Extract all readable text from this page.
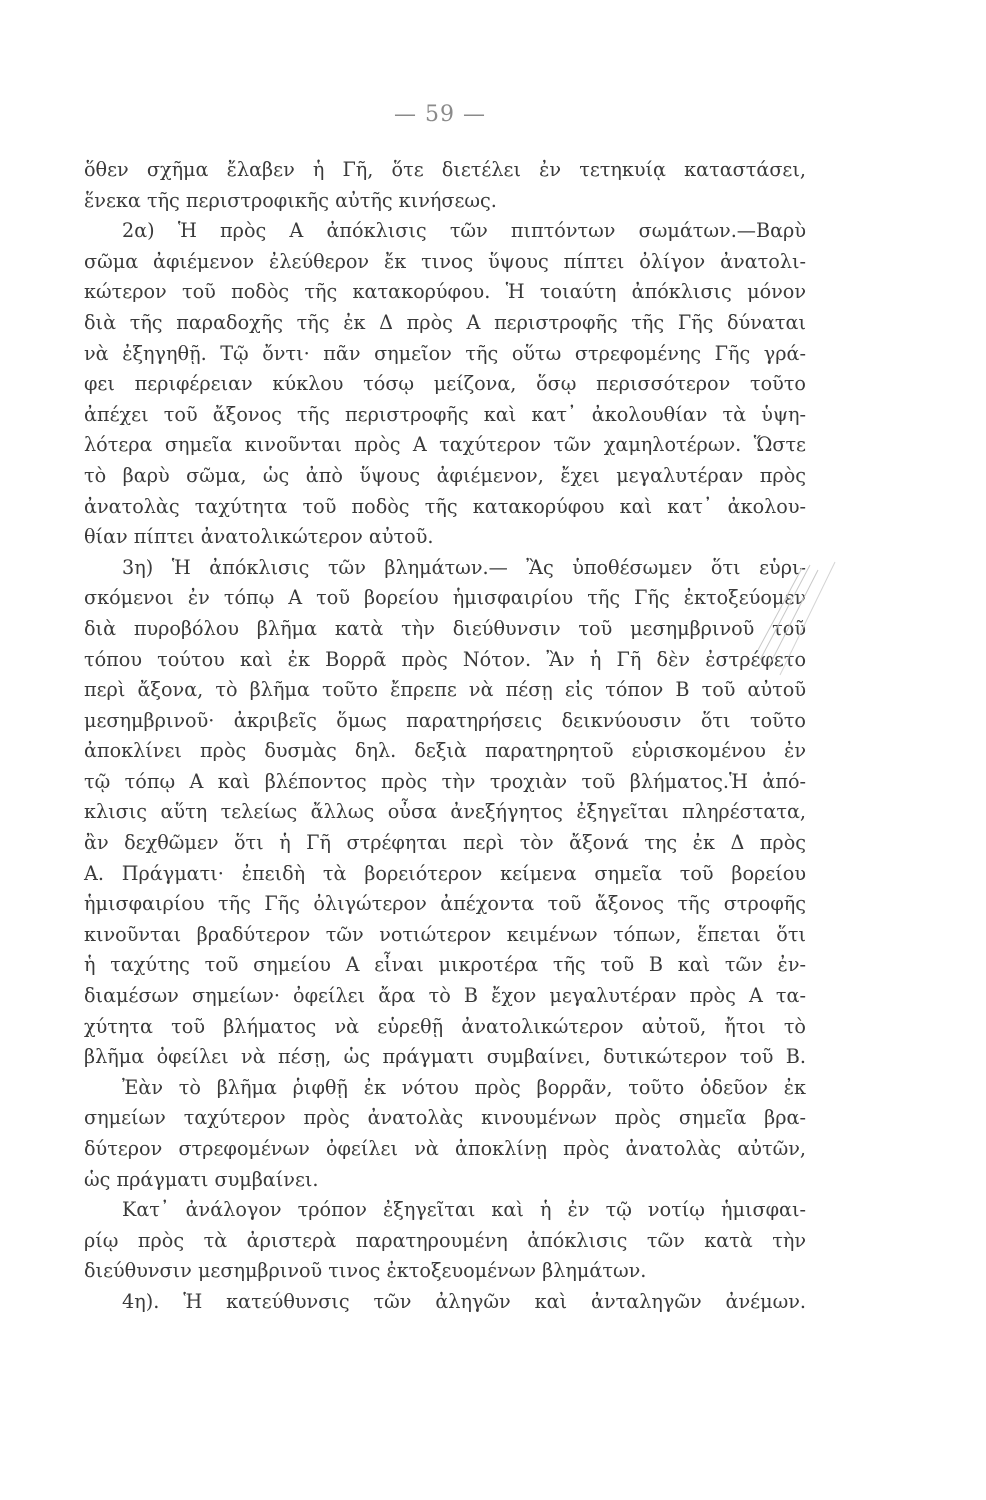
— 59 —
ὅθεν σχῆμα ἔλαβεν ἡ Γῆ, ὅτε διετέλει ἐν τετηκυίᾳ καταστάσει,
ἕνεκα τῆς περιστροφικῆς αὐτῆς κινήσεως.
2α) Ἡ πρὸς Α ἀπόκλισις τῶν πιπτόντων σωμάτων.—Βαρὺ
σῶμα ἀφιέμενον ἐλεύθερον ἔκ τινος ὕψους πίπτει ὀλίγον ἀνατολι-
κώτερον τοῦ ποδὸς τῆς κατακορύφου. Ἡ τοιαύτη ἀπόκλισις μόνον
διὰ τῆς παραδοχῆς τῆς ἐκ Δ πρὸς Α περιστροφῆς τῆς Γῆς δύναται
νὰ ἐξηγηθῇ. Τῷ ὄντι· πᾶν σημεῖον τῆς οὕτω στρεφομένης Γῆς γρά-
φει περιφέρειαν κύκλου τόσῳ μείζονα, ὅσῳ περισσότερον τοῦτο
ἀπέχει τοῦ ἄξονος τῆς περιστροφῆς καὶ κατ᾽ ἀκολουθίαν τὰ ὑψη-
λότερα σημεῖα κινοῦνται πρὸς Α ταχύτερον τῶν χαμηλοτέρων. Ὥστε
τὸ βαρὺ σῶμα, ὡς ἀπὸ ὕψους ἀφιέμενον, ἔχει μεγαλυτέραν πρὸς
ἀνατολὰς ταχύτητα τοῦ ποδὸς τῆς κατακορύφου καὶ κατ᾽ ἀκολου-
θίαν πίπτει ἀνατολικώτερον αὐτοῦ.
3η) Ἡ ἀπόκλισις τῶν βλημάτων.— Ἂς ὑποθέσωμεν ὅτι εὑρι-
σκόμενοι ἐν τόπῳ Α τοῦ βορείου ἡμισφαιρίου τῆς Γῆς ἐκτοξεύομεν
διὰ πυροβόλου βλῆμα κατὰ τὴν διεύθυνσιν τοῦ μεσημβρινοῦ τοῦ
τόπου τούτου καὶ ἐκ Βορρᾶ πρὸς Νότον. Ἂν ἡ Γῆ δὲν ἐστρέφετο
περὶ ἄξονα, τὸ βλῆμα τοῦτο ἔπρεπε νὰ πέσῃ εἰς τόπον Β τοῦ αὐτοῦ
μεσημβρινοῦ· ἀκριβεῖς ὅμως παρατηρήσεις δεικνύουσιν ὅτι τοῦτο
ἀποκλίνει πρὸς δυσμὰς δηλ. δεξιὰ παρατηρητοῦ εὑρισκομένου ἐν
τῷ τόπῳ Α καὶ βλέποντος πρὸς τὴν τροχιὰν τοῦ βλήματος.Ἡ ἀπό-
κλισις αὕτη τελείως ἄλλως οὖσα ἀνεξήγητος ἐξηγεῖται πληρέστατα,
ἂν δεχθῶμεν ὅτι ἡ Γῆ στρέφηται περὶ τὸν ἄξονά της ἐκ Δ πρὸς
Α. Πράγματι· ἐπειδὴ τὰ βορειότερον κείμενα σημεῖα τοῦ βορείου
ἡμισφαιρίου τῆς Γῆς ὀλιγώτερον ἀπέχοντα τοῦ ἄξονος τῆς στροφῆς
κινοῦνται βραδύτερον τῶν νοτιώτερον κειμένων τόπων, ἕπεται ὅτι
ἡ ταχύτης τοῦ σημείου Α εἶναι μικροτέρα τῆς τοῦ Β καὶ τῶν ἐν-
διαμέσων σημείων· ὀφείλει ἄρα τὸ Β ἔχον μεγαλυτέραν πρὸς Α τα-
χύτητα τοῦ βλήματος νὰ εὑρεθῇ ἀνατολικώτερον αὐτοῦ, ἤτοι τὸ
βλῆμα ὀφείλει νὰ πέσῃ, ὡς πράγματι συμβαίνει, δυτικώτερον τοῦ Β.
Ἐὰν τὸ βλῆμα ῥιφθῇ ἐκ νότου πρὸς βορρᾶν, τοῦτο ὁδεῦον ἐκ
σημείων ταχύτερον πρὸς ἀνατολὰς κινουμένων πρὸς σημεῖα βρα-
δύτερον στρεφομένων ὀφείλει νὰ ἀποκλίνῃ πρὸς ἀνατολὰς αὐτῶν,
ὡς πράγματι συμβαίνει.
Κατ᾽ ἀνάλογον τρόπον ἐξηγεῖται καὶ ἡ ἐν τῷ νοτίῳ ἡμισφαι-
ρίῳ πρὸς τὰ ἀριστερὰ παρατηρουμένη ἀπόκλισις τῶν κατὰ τὴν
διεύθυνσιν μεσημβρινοῦ τινος ἐκτοξευομένων βλημάτων.
4η). Ἡ κατεύθυνσις τῶν ἀληγῶν καὶ ἀνταληγῶν ἀνέμων.
